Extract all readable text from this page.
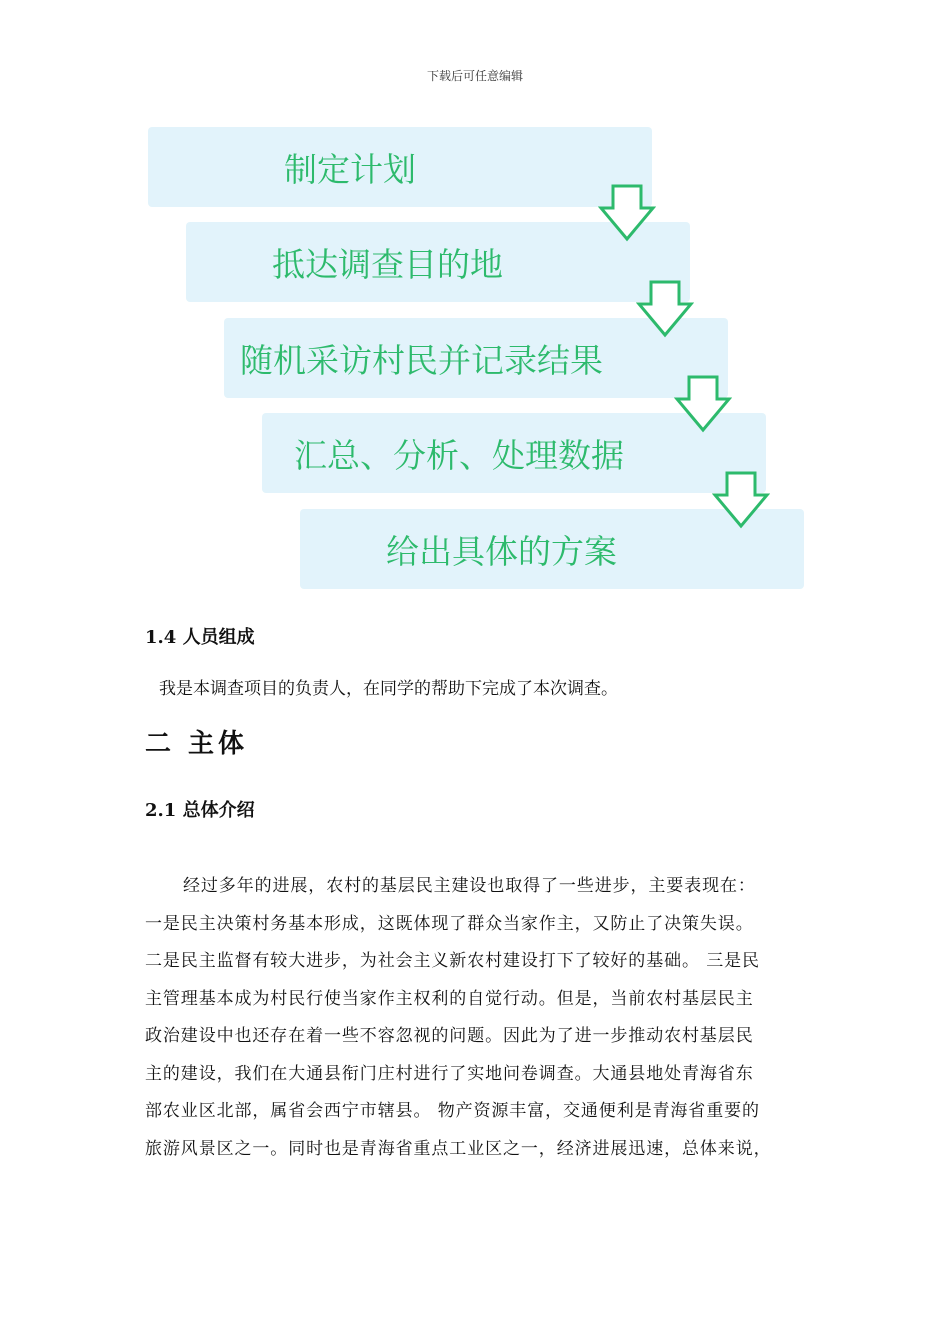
下载后可任意编辑
制定计划
抵达调查目的地
随机采访村民并记录结果
汇总、分析、处理数据
给出具体的方案
1.4 人员组成
我是本调查项目的负责人，在同学的帮助下完成了本次调查。
二 主体
2.1 总体介绍
经过多年的进展，农村的基层民主建设也取得了一些进步，主要表现在：
一是民主决策村务基本形成，这既体现了群众当家作主，又防止了决策失误。
二是民主监督有较大进步，为社会主义新农村建设打下了较好的基础。 三是民
主管理基本成为村民行使当家作主权利的自觉行动。但是，当前农村基层民主
政治建设中也还存在着一些不容忽视的问题。因此为了进一步推动农村基层民
主的建设，我们在大通县衔门庄村进行了实地问卷调查。大通县地处青海省东
部农业区北部，属省会西宁市辖县。 物产资源丰富，交通便利是青海省重要的
旅游风景区之一。同时也是青海省重点工业区之一，经济进展迅速，总体来说，
